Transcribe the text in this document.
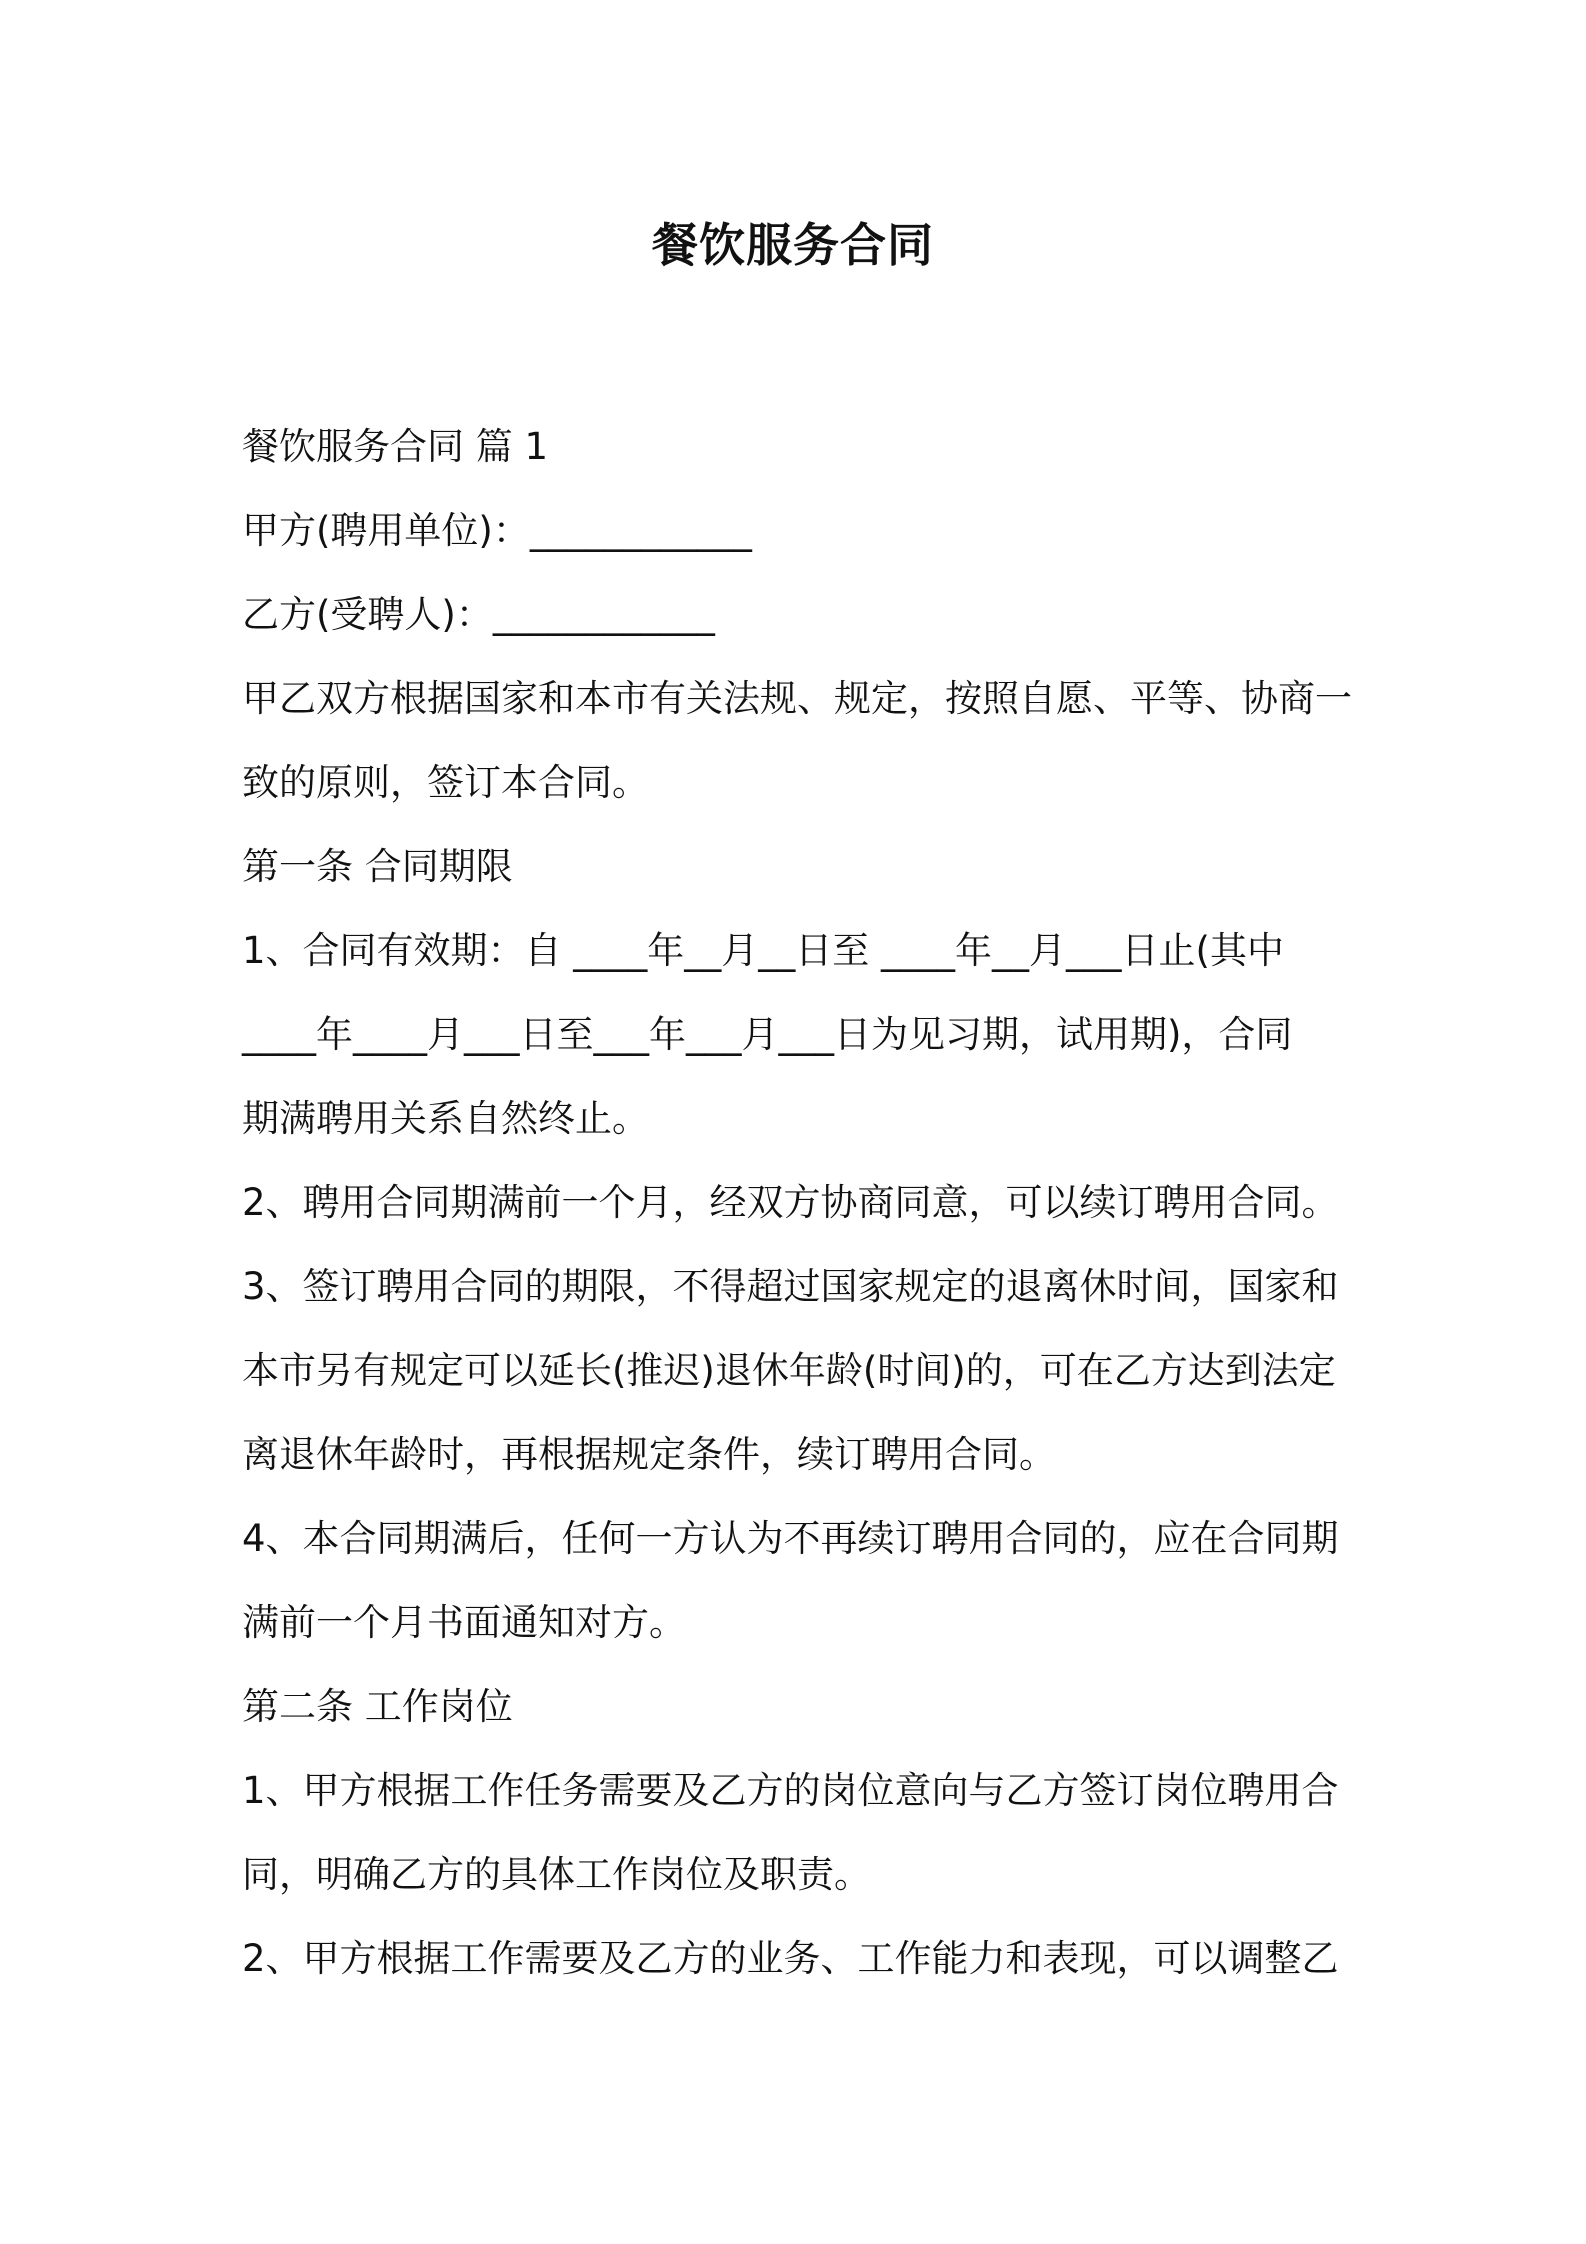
餐饮服务合同
餐饮服务合同 篇 1
甲方(聘用单位)：____________
乙方(受聘人)：____________
甲乙双方根据国家和本市有关法规、规定，按照自愿、平等、协商一
致的原则，签订本合同。
第一条 合同期限
1、合同有效期：自 ____年__月__日至 ____年__月___日止(其中
____年____月___日至___年___月___日为见习期，试用期)，合同
期满聘用关系自然终止。
2、聘用合同期满前一个月，经双方协商同意，可以续订聘用合同。
3、签订聘用合同的期限，不得超过国家规定的退离休时间，国家和
本市另有规定可以延长(推迟)退休年龄(时间)的，可在乙方达到法定
离退休年龄时，再根据规定条件，续订聘用合同。
4、本合同期满后，任何一方认为不再续订聘用合同的，应在合同期
满前一个月书面通知对方。
第二条 工作岗位
1、甲方根据工作任务需要及乙方的岗位意向与乙方签订岗位聘用合
同，明确乙方的具体工作岗位及职责。
2、甲方根据工作需要及乙方的业务、工作能力和表现，可以调整乙
